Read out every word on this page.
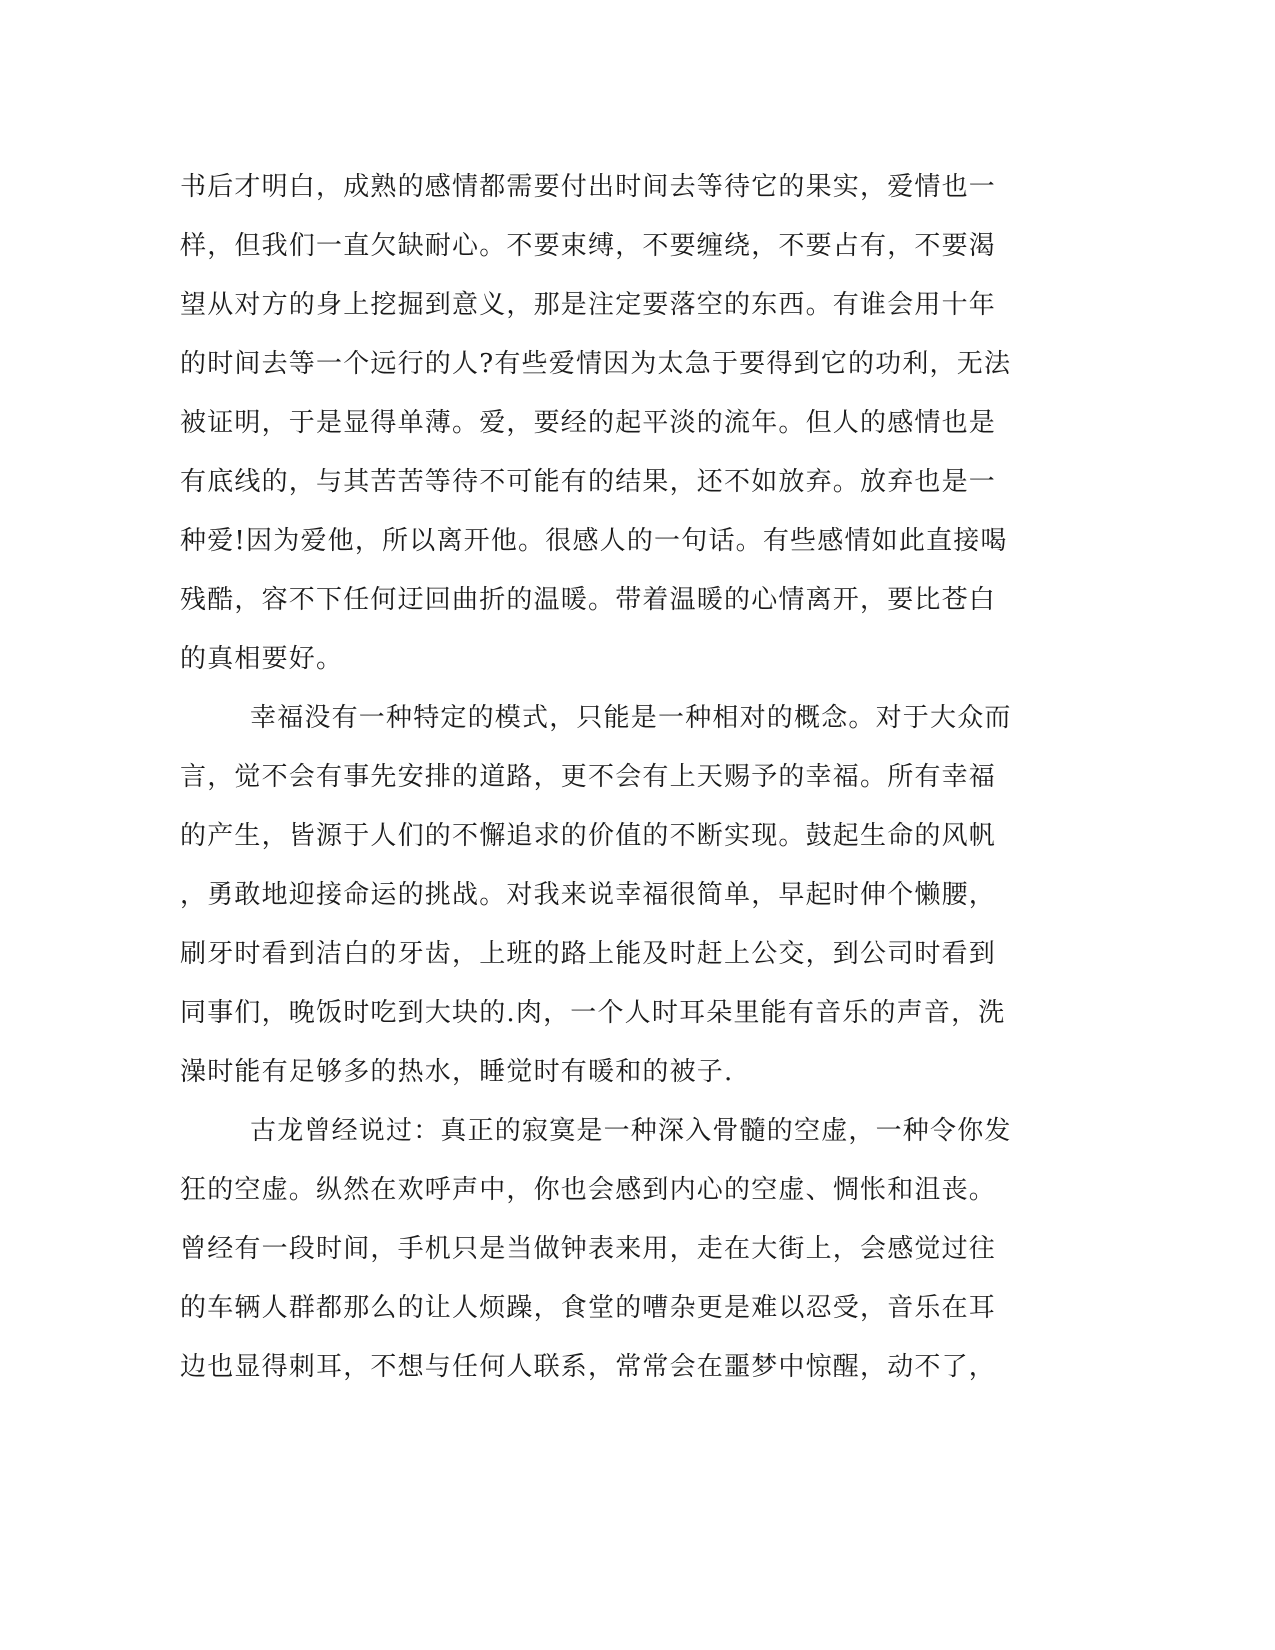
书后才明白，成熟的感情都需要付出时间去等待它的果实，爱情也一
样，但我们一直欠缺耐心。不要束缚，不要缠绕，不要占有，不要渴
望从对方的身上挖掘到意义，那是注定要落空的东西。有谁会用十年
的时间去等一个远行的人?有些爱情因为太急于要得到它的功利，无法
被证明，于是显得单薄。爱，要经的起平淡的流年。但人的感情也是
有底线的，与其苦苦等待不可能有的结果，还不如放弃。放弃也是一
种爱!因为爱他，所以离开他。很感人的一句话。有些感情如此直接喝
残酷，容不下任何迂回曲折的温暖。带着温暖的心情离开，要比苍白
的真相要好。
幸福没有一种特定的模式，只能是一种相对的概念。对于大众而
言，觉不会有事先安排的道路，更不会有上天赐予的幸福。所有幸福
的产生，皆源于人们的不懈追求的价值的不断实现。鼓起生命的风帆
，勇敢地迎接命运的挑战。对我来说幸福很简单，早起时伸个懒腰，
刷牙时看到洁白的牙齿，上班的路上能及时赶上公交，到公司时看到
同事们，晚饭时吃到大块的.肉，一个人时耳朵里能有音乐的声音，洗
澡时能有足够多的热水，睡觉时有暖和的被子.
古龙曾经说过：真正的寂寞是一种深入骨髓的空虚，一种令你发
狂的空虚。纵然在欢呼声中，你也会感到内心的空虚、惆怅和沮丧。
曾经有一段时间，手机只是当做钟表来用，走在大街上，会感觉过往
的车辆人群都那么的让人烦躁，食堂的嘈杂更是难以忍受，音乐在耳
边也显得刺耳，不想与任何人联系，常常会在噩梦中惊醒，动不了，
